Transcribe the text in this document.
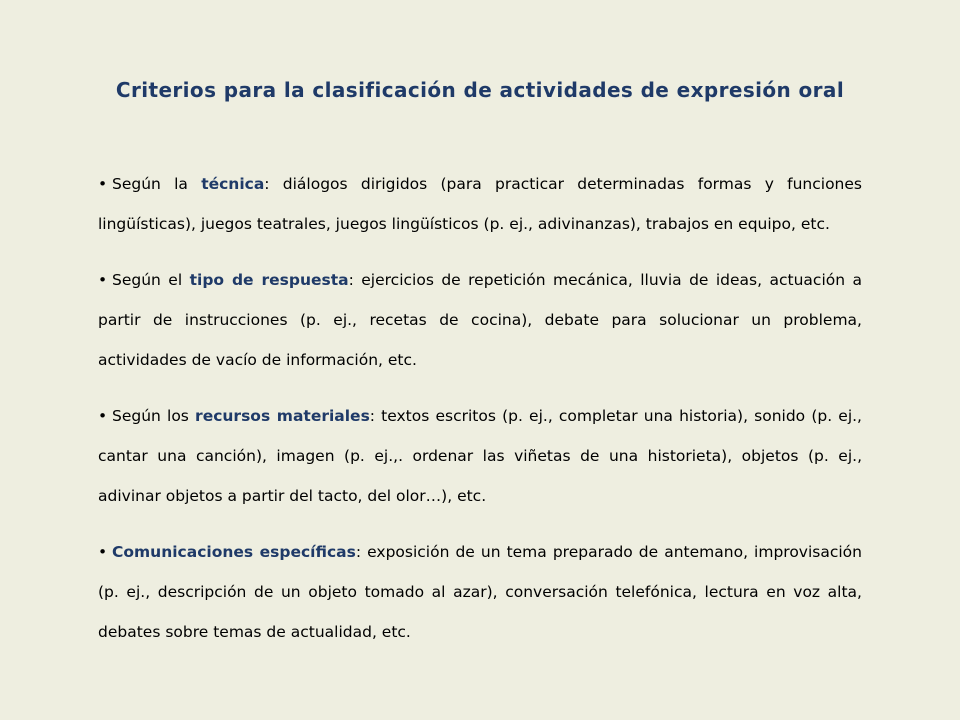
Criterios para la clasificación de actividades de expresión oral
• Según la técnica: diálogos dirigidos (para practicar determinadas formas y funciones lingüísticas), juegos teatrales, juegos lingüísticos (p. ej., adivinanzas), trabajos en equipo, etc.
• Según el tipo de respuesta: ejercicios de repetición mecánica, lluvia de ideas, actuación a partir de instrucciones (p. ej., recetas de cocina), debate para solucionar un problema, actividades de vacío de información, etc.
• Según los recursos materiales: textos escritos (p. ej., completar una historia), sonido (p. ej., cantar una canción), imagen (p. ej.,. ordenar las viñetas de una historieta), objetos (p. ej., adivinar objetos a partir del tacto, del olor…), etc.
• Comunicaciones específicas: exposición de un tema preparado de antemano, improvisación (p. ej., descripción de un objeto tomado al azar), conversación telefónica, lectura en voz alta, debates sobre temas de actualidad, etc.
